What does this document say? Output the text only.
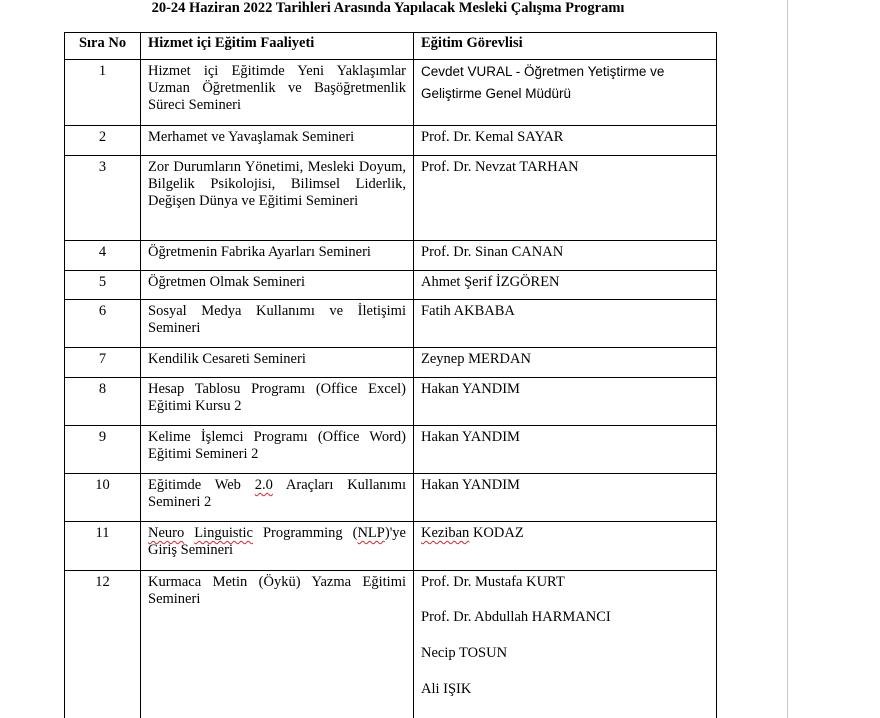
20-24 Haziran 2022 Tarihleri Arasında Yapılacak Mesleki Çalışma Programı
Sıra No	Hizmet içi Eğitim Faaliyeti	Eğitim Görevlisi
1	Hizmet içi Eğitimde Yeni Yaklaşımlar Uzman Öğretmenlik ve Başöğretmenlik Süreci Semineri	Cevdet VURAL - Öğretmen Yetiştirme ve
Geliştirme Genel Müdürü

2	Merhamet ve Yavaşlamak Semineri	Prof. Dr. Kemal SAYAR

3	Zor Durumların Yönetimi, Mesleki Doyum, Bilgelik Psikolojisi, Bilimsel Liderlik, Değişen Dünya ve Eğitimi Semineri	Prof. Dr. Nevzat TARHAN

4	Öğretmenin Fabrika Ayarları Semineri	Prof. Dr. Sinan CANAN

5	Öğretmen Olmak Semineri	Ahmet Şerif İZGÖREN

6	Sosyal Medya Kullanımı ve İletişimi Semineri	Fatih AKBABA

7	Kendilik Cesareti Semineri	Zeynep MERDAN

8	Hesap Tablosu Programı (Office Excel) Eğitimi Kursu 2	Hakan YANDIM

9	Kelime İşlemci Programı (Office Word) Eğitimi Semineri 2	Hakan YANDIM

10	Eğitimde Web 2.0 Araçları Kullanımı Semineri 2	Hakan YANDIM

11	Neuro Linguistic Programming (NLP)'ye Giriş Semineri	Keziban KODAZ
12	Kurmaca Metin (Öykü) Yazma Eğitimi Semineri	Prof. Dr. Mustafa KURT
Prof. Dr. Abdullah HARMANCI
Necip TOSUN
Ali IŞIK
